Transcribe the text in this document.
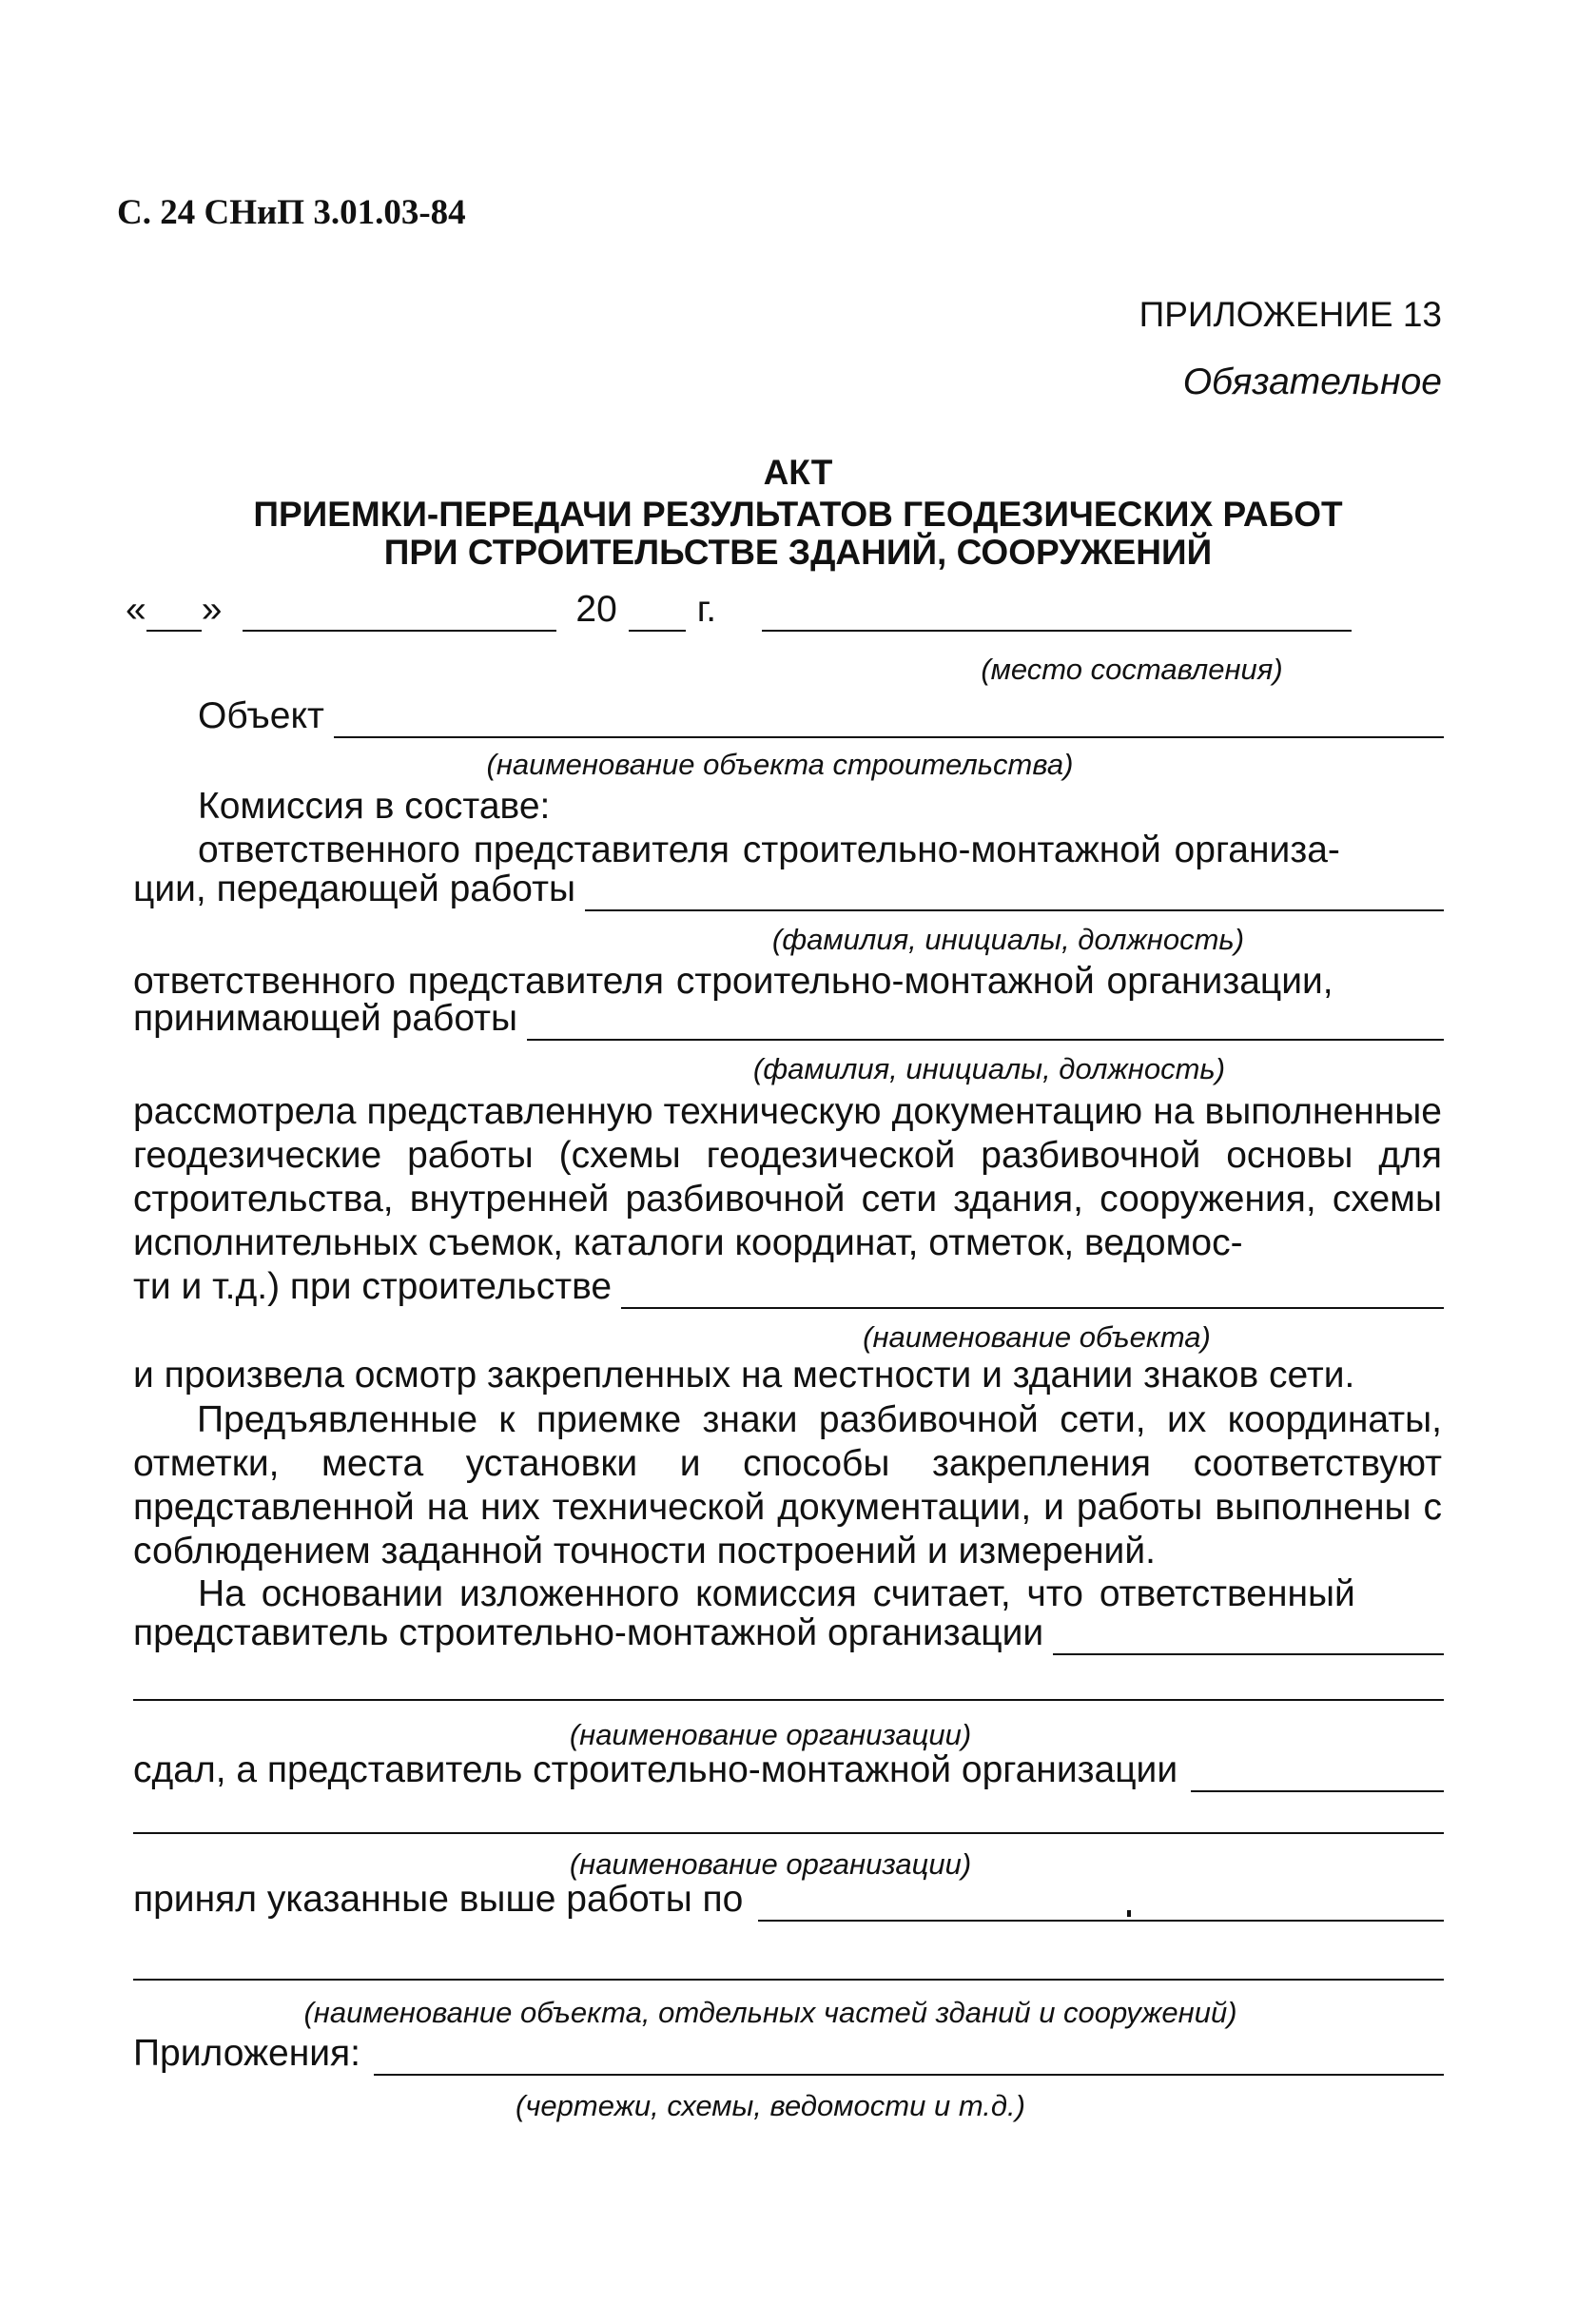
С. 24 СНиП 3.01.03-84
ПРИЛОЖЕНИЕ 13
Обязательное
АКТ
ПРИЕМКИ-ПЕРЕДАЧИ РЕЗУЛЬТАТОВ ГЕОДЕЗИЧЕСКИХ РАБОТ
ПРИ СТРОИТЕЛЬСТВЕ ЗДАНИЙ, СООРУЖЕНИЙ
« »	20 г.
(место составления)
Объект
(наименование объекта строительства)
Комиссия в составе:
ответственного представителя строительно-монтажной организа-
ции, передающей работы
(фамилия, инициалы, должность)
ответственного представителя строительно-монтажной организации,
принимающей работы
(фамилия, инициалы, должность)
рассмотрела представленную техническую документацию на выполненные геодезические работы (схемы геодезической разбивочной основы для строительства, внутренней разбивочной сети здания, сооружения, схемы исполнительных съемок, каталоги координат, отметок, ведомос-
ти и т.д.) при строительстве
(наименование объекта)
и произвела осмотр закрепленных на местности и здании знаков сети.
Предъявленные к приемке знаки разбивочной сети, их координаты, отметки, места установки и способы закрепления соответствуют представленной на них технической документации, и работы выполнены с соблюдением заданной точности построений и измерений.
На основании изложенного комиссия считает, что ответственный
представитель строительно-монтажной организации
(наименование организации)
сдал, а представитель строительно-монтажной организации
(наименование организации)
принял указанные выше работы по
(наименование объекта, отдельных частей зданий и сооружений)
Приложения:
(чертежи, схемы, ведомости и т.д.)
